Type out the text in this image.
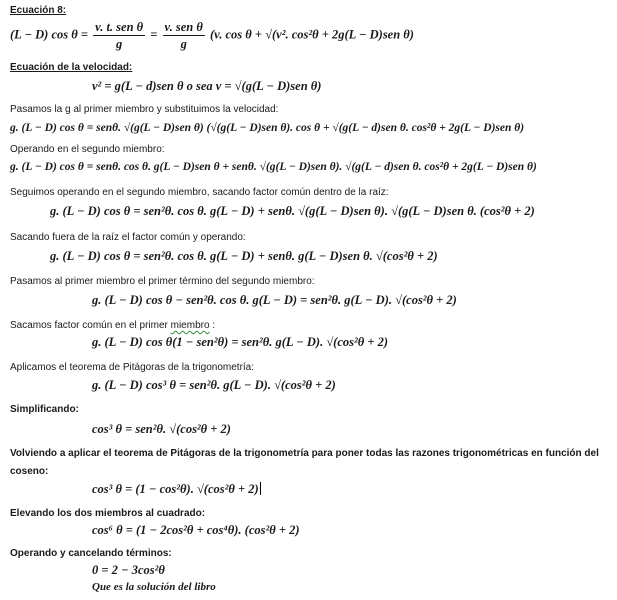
Ecuación 8:
(L − D) $\cos \theta = \frac{\text{v. t. sen θ}}{g} = \frac{\text{v. sen θ}}{g} (v$. cos θ + √(v². cos²θ + 2g(L − D)sen θ)
Ecuación de la velocidad:
v² = g(L − d)sen θ o sea v = √(g(L − D)sen θ)
Pasamos la g al primer miembro y substituimos la velocidad:
g. (L − D) cos θ = senθ. √(g(L − D)sen θ) (√(g(L − D)sen θ). cos θ + √(g(L − d)sen θ. cos²θ + 2g(L − D)sen θ)
Operando en el segundo miembro:
g. (L − D) cos θ = senθ. cos θ. g(L − D)sen θ + senθ. √(g(L − D)sen θ). √(g(L − d)sen θ. cos²θ + 2g(L − D)sen θ)
Seguimos operando en el segundo miembro, sacando factor común dentro de la raíz:
g. (L − D) cos θ = sen²θ. cos θ. g(L − D) + senθ. √(g(L − D)sen θ). √(g(L − D)sen θ. (cos²θ + 2)
Sacando fuera de la raíz el factor común y operando:
g. (L − D) cos θ = sen²θ. cos θ. g(L − D) + senθ. g(L − D)sen θ. √(cos²θ + 2)
Pasamos al primer miembro el primer término del segundo miembro:
g. (L − D) cos θ − sen²θ. cos θ. g(L − D) = sen²θ. g(L − D). √(cos²θ + 2)
Sacamos factor común en el primer miembro :
g. (L − D) cos θ(1 − sen²θ) = sen²θ. g(L − D). √(cos²θ + 2)
Aplicamos el teorema de Pitágoras de la trigonometría:
g. (L − D) cos³ θ = sen²θ. g(L − D). √(cos²θ + 2)
Simplificando:
cos³ θ = sen²θ. √(cos²θ + 2)
Volviendo a aplicar el teorema de Pitágoras de la trigonometría para poner todas las razones trigonométricas en función del
coseno:
cos³ θ = (1 − cos²θ). √(cos²θ + 2)
Elevando los dos miembros al cuadrado:
cos⁶ θ = (1 − 2cos²θ + cos⁴θ). (cos²θ + 2)
Operando y cancelando términos:
0 = 2 − 3cos²θ
Que es la solución del libro
